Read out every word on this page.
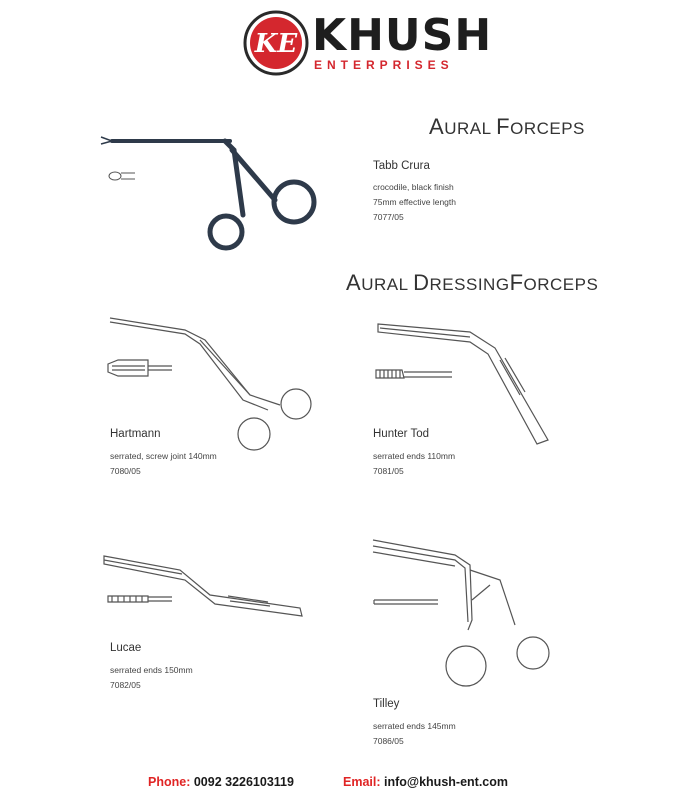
KE KHUSH
ENTERPRISES
AURAL FORCEPS
Tabb Crura
crocodile, black finish
75mm effective length
7077/05
AURAL DRESSINGFORCEPS
Hartmann
serrated, screw joint 140mm
7080/05
Hunter Tod
serrated ends 110mm
7081/05
Lucae
serrated ends 150mm
7082/05
Tilley
serrated ends 145mm
7086/05
Phone: 0092 3226103119	Email: info@khush-ent.com
